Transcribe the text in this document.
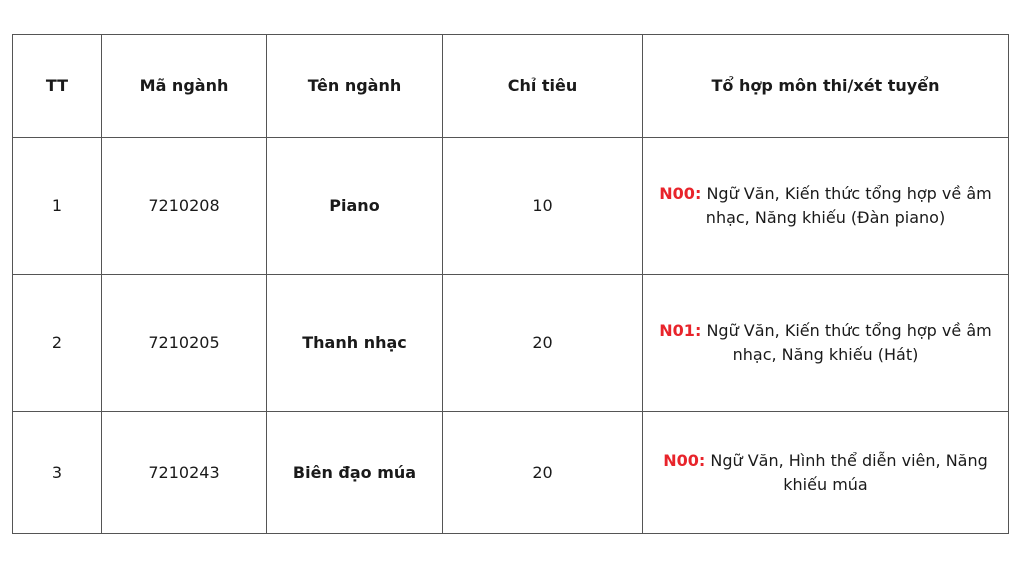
TT	Mã ngành	Tên ngành	Chỉ tiêu	Tổ hợp môn thi/xét tuyển
1	7210208	Piano	10	N00: Ngữ Văn, Kiến thức tổng hợp về âm nhạc, Năng khiếu (Đàn piano)
2	7210205	Thanh nhạc	20	N01: Ngữ Văn, Kiến thức tổng hợp về âm nhạc, Năng khiếu (Hát)
3	7210243	Biên đạo múa	20	N00: Ngữ Văn, Hình thể diễn viên, Năng khiếu múa
